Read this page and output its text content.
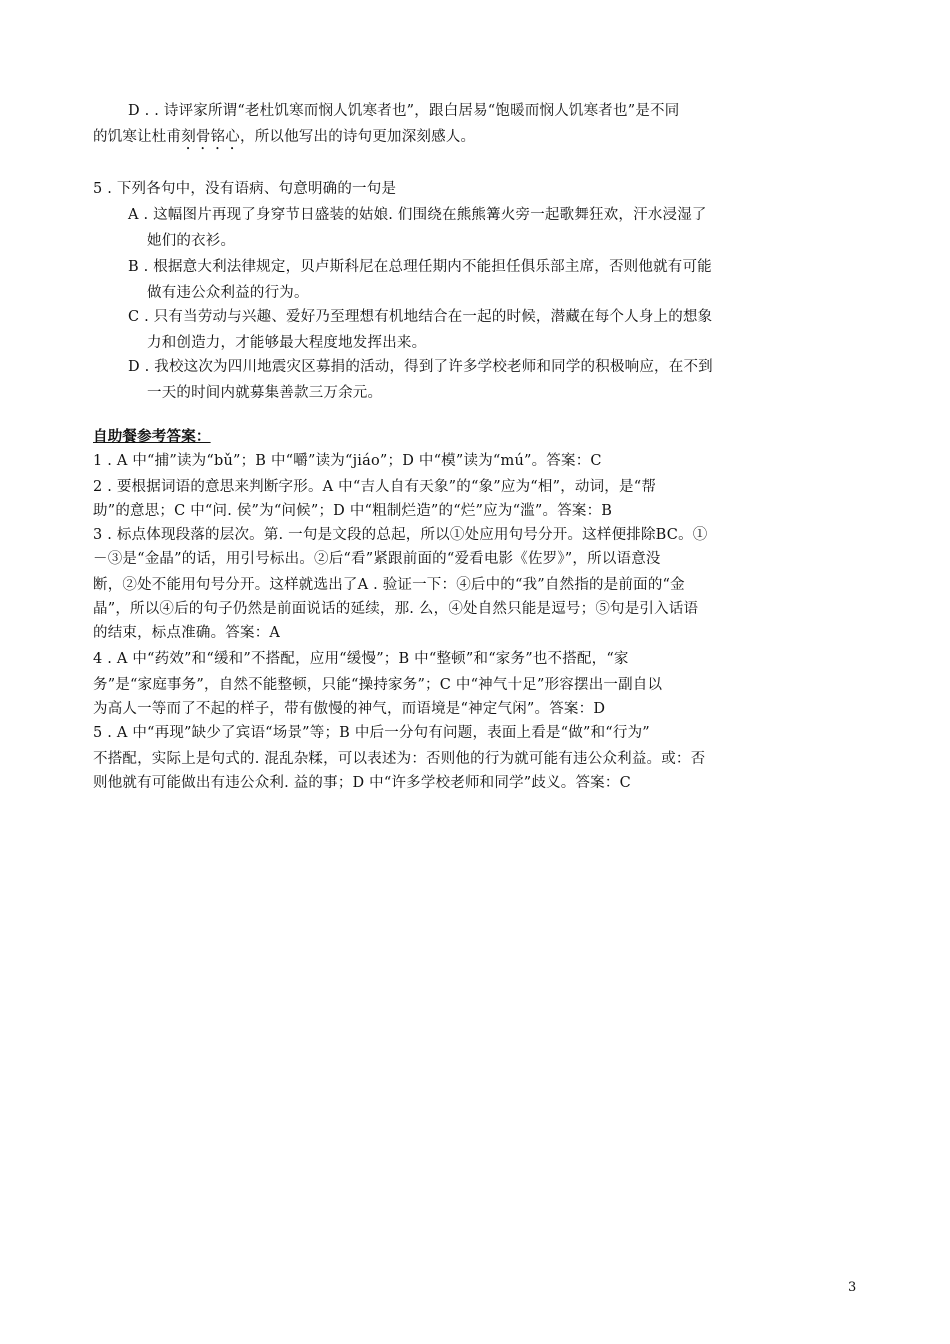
D . . 诗评家所谓“老杜饥寒而悯人饥寒者也”，跟白居易“饱暖而悯人饥寒者也”是不同
的饥寒让杜甫刻骨铭心，所以他写出的诗句更加深刻感人。
5 . 下列各句中，没有语病、句意明确的一句是
A . 这幅图片再现了身穿节日盛装的姑娘. 们围绕在熊熊篝火旁一起歌舞狂欢，汗水浸湿了
她们的衣衫。
B . 根据意大利法律规定，贝卢斯科尼在总理任期内不能担任俱乐部主席，否则他就有可能
做有违公众利益的行为。
C . 只有当劳动与兴趣、爱好乃至理想有机地结合在一起的时候，潜藏在每个人身上的想象
力和创造力，才能够最大程度地发挥出来。
D . 我校这次为四川地震灾区募捐的活动，得到了许多学校老师和同学的积极响应，在不到
一天的时间内就募集善款三万余元。
自助餐参考答案：
1 . A 中“捕”读为“bǔ”；B 中“嚼”读为“jiáo”；D 中“模”读为“mú”。答案：C
2 . 要根据词语的意思来判断字形。A 中“吉人自有天象”的“象”应为“相”，动词，是“帮
助”的意思；C 中“问. 侯”为“问候”；D 中“粗制烂造”的“烂”应为“滥”。答案：B
3 . 标点体现段落的层次。第. 一句是文段的总起，所以①处应用句号分开。这样便排除BC。①
－③是“金晶”的话，用引号标出。②后“看”紧跟前面的“爱看电影《佐罗》”，所以语意没
断，②处不能用句号分开。这样就选出了A . 验证一下：④后中的“我”自然指的是前面的“金
晶”，所以④后的句子仍然是前面说话的延续，那. 么，④处自然只能是逗号；⑤句是引入话语
的结束，标点准确。答案：A
4 . A 中“药效”和“缓和”不搭配，应用“缓慢”；B 中“整顿”和“家务”也不搭配，“家
务”是“家庭事务”，自然不能整顿，只能“操持家务”；C 中“神气十足”形容摆出一副自以
为高人一等而了不起的样子，带有傲慢的神气，而语境是“神定气闲”。答案：D
5 . A 中“再现”缺少了宾语“场景”等；B 中后一分句有问题，表面上看是“做”和“行为”
不搭配，实际上是句式的. 混乱杂糅，可以表述为：否则他的行为就可能有违公众利益。或：否
则他就有可能做出有违公众利. 益的事；D 中“许多学校老师和同学”歧义。答案：C
3
